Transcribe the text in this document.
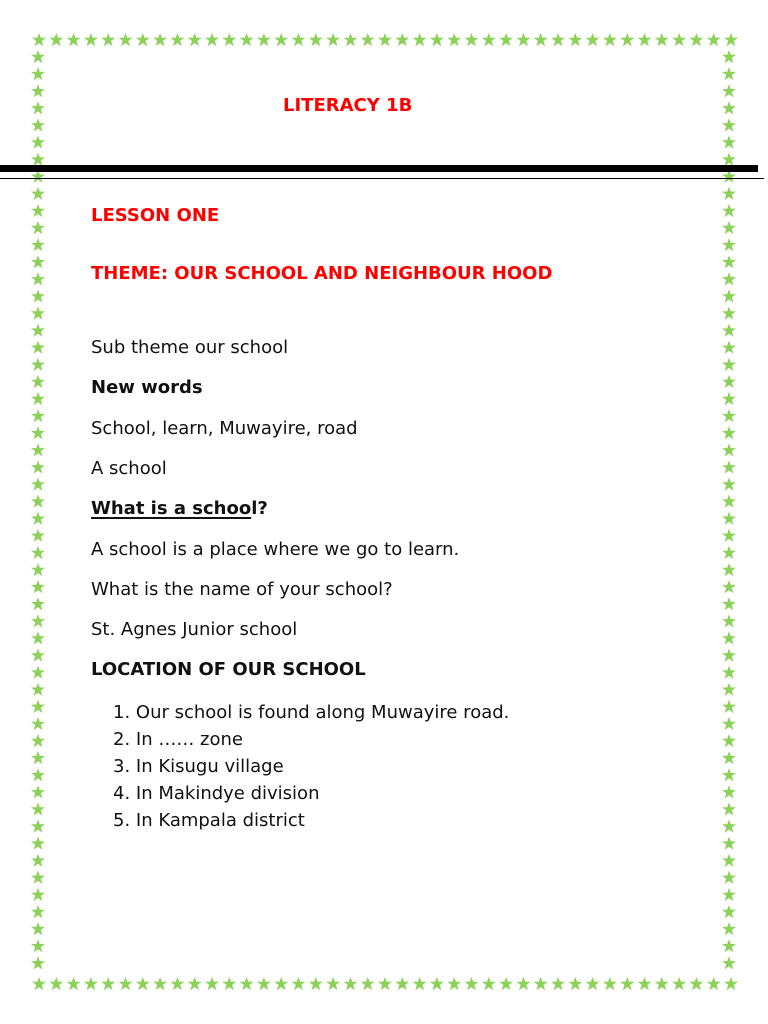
LITERACY 1B

LESSON ONE

THEME: OUR SCHOOL AND NEIGHBOUR HOOD

Sub theme our school

New words

School, learn, Muwayire, road

A school

What is a school?

A school is a place where we go to learn.

What is the name of your school?

St. Agnes Junior school

LOCATION OF OUR SCHOOL

1. Our school is found along Muwayire road.
2. In …… zone
3. In Kisugu village
4. In Makindye division
5. In Kampala district
